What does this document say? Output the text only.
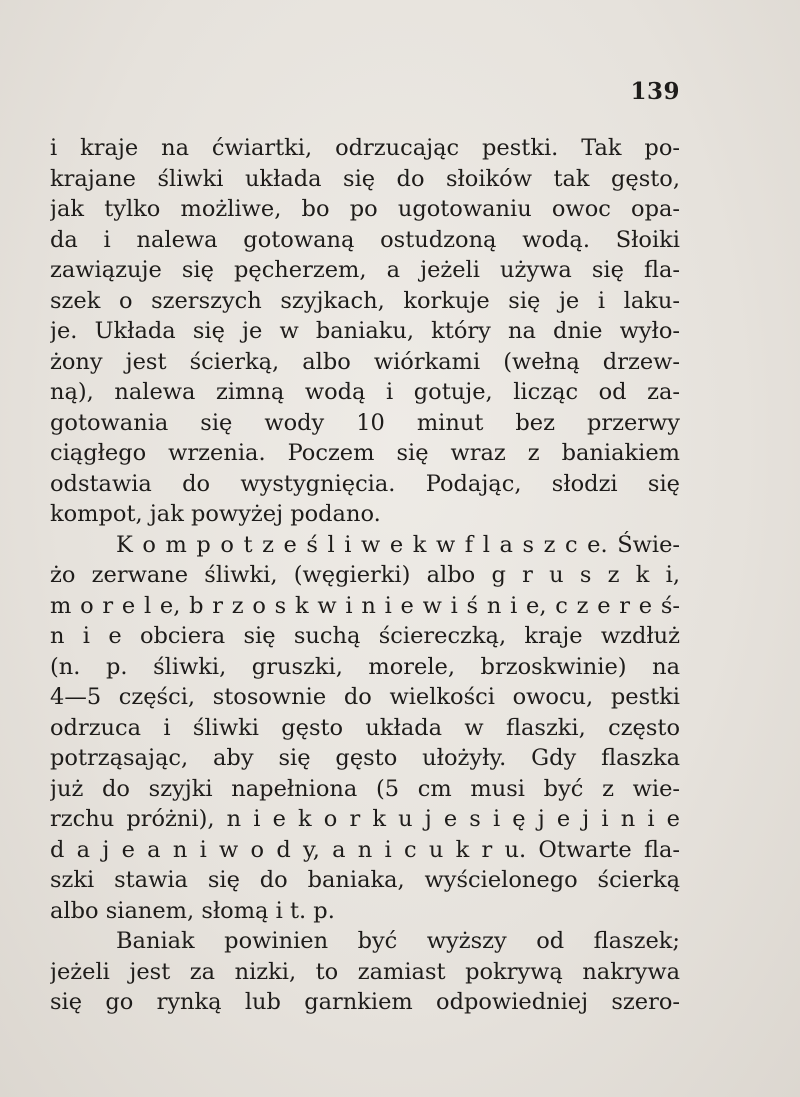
139
i kraje na ćwiartki, odrzucając pestki. Tak po-
krajane śliwki układa się do słoików tak gęsto,
jak tylko możliwe, bo po ugotowaniu owoc opa-
da i nalewa gotowaną ostudzoną wodą. Słoiki
zawiązuje się pęcherzem, a jeżeli używa się fla-
szek o szerszych szyjkach, korkuje się je i laku-
je. Układa się je w baniaku, który na dnie wyło-
żony jest ścierką, albo wiórkami (wełną drzew-
ną), nalewa zimną wodą i gotuje, licząc od za-
gotowania się wody 10 minut bez przerwy
ciągłego wrzenia. Poczem się wraz z baniakiem
odstawia do wystygnięcia. Podając, słodzi się
kompot, jak powyżej podano.
K o m p o t z e ś l i w e k w f l a s z c e. Świe-
żo zerwane śliwki, (węgierki) albo g r u s z k i,
m o r e l e, b r z o s k w i n i e w i ś n i e, c z e r e ś-
n i e obciera się suchą ściereczką, kraje wzdłuż
(n. p. śliwki, gruszki, morele, brzoskwinie) na
4—5 części, stosownie do wielkości owocu, pestki
odrzuca i śliwki gęsto układa w flaszki, często
potrząsając, aby się gęsto ułożyły. Gdy flaszka
już do szyjki napełniona (5 cm musi być z wie-
rzchu próżni), n i e k o r k u j e s i ę j e j i n i e
d a j e a n i w o d y, a n i c u k r u. Otwarte fla-
szki stawia się do baniaka, wyścielonego ścierką
albo sianem, słomą i t. p.
Baniak powinien być wyższy od flaszek;
jeżeli jest za nizki, to zamiast pokrywą nakrywa
się go rynką lub garnkiem odpowiedniej szero-
